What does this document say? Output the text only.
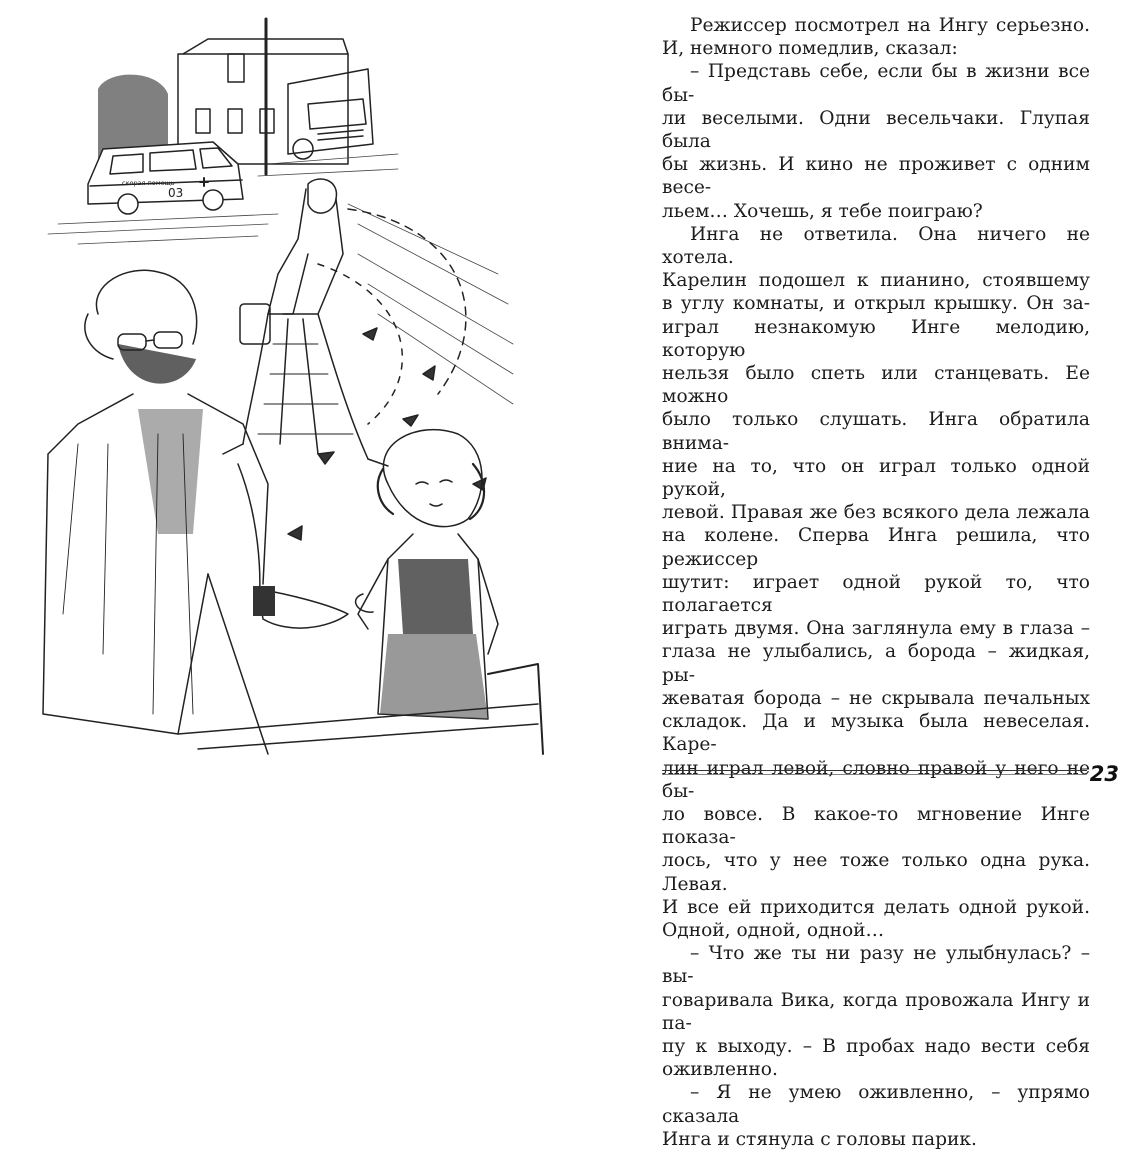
скорая помощь
03

Режиссер посмотрел на Ингу серьезно.

И, немного помедлив, сказал:

– Представь себе, если бы в жизни все бы-

ли веселыми. Одни весельчаки. Глупая была

бы жизнь. И кино не проживет с одним весе-

льем… Хочешь, я тебе поиграю?

Инга не ответила. Она ничего не хотела.

Карелин подошел к пианино, стоявшему

в углу комнаты, и открыл крышку. Он за-

играл незнакомую Инге мелодию, которую

нельзя было спеть или станцевать. Ее можно

было только слушать. Инга обратила внима-

ние на то, что он играл только одной рукой,

левой. Правая же без всякого дела лежала

на колене. Сперва Инга решила, что режиссер

шутит: играет одной рукой то, что полагается

играть двумя. Она заглянула ему в глаза –

глаза не улыбались, а борода – жидкая, ры-

жеватая борода – не скрывала печальных

складок. Да и музыка была невеселая. Каре-

лин играл левой, словно правой у него не бы-

ло вовсе. В какое-то мгновение Инге показа-

лось, что у нее тоже только одна рука. Левая.

И все ей приходится делать одной рукой.

Одной, одной, одной…

– Что же ты ни разу не улыбнулась? – вы-

говаривала Вика, когда провожала Ингу и па-

пу к выходу. – В пробах надо вести себя

оживленно.

– Я не умею оживленно, – упрямо сказала

Инга и стянула с головы парик.

23
